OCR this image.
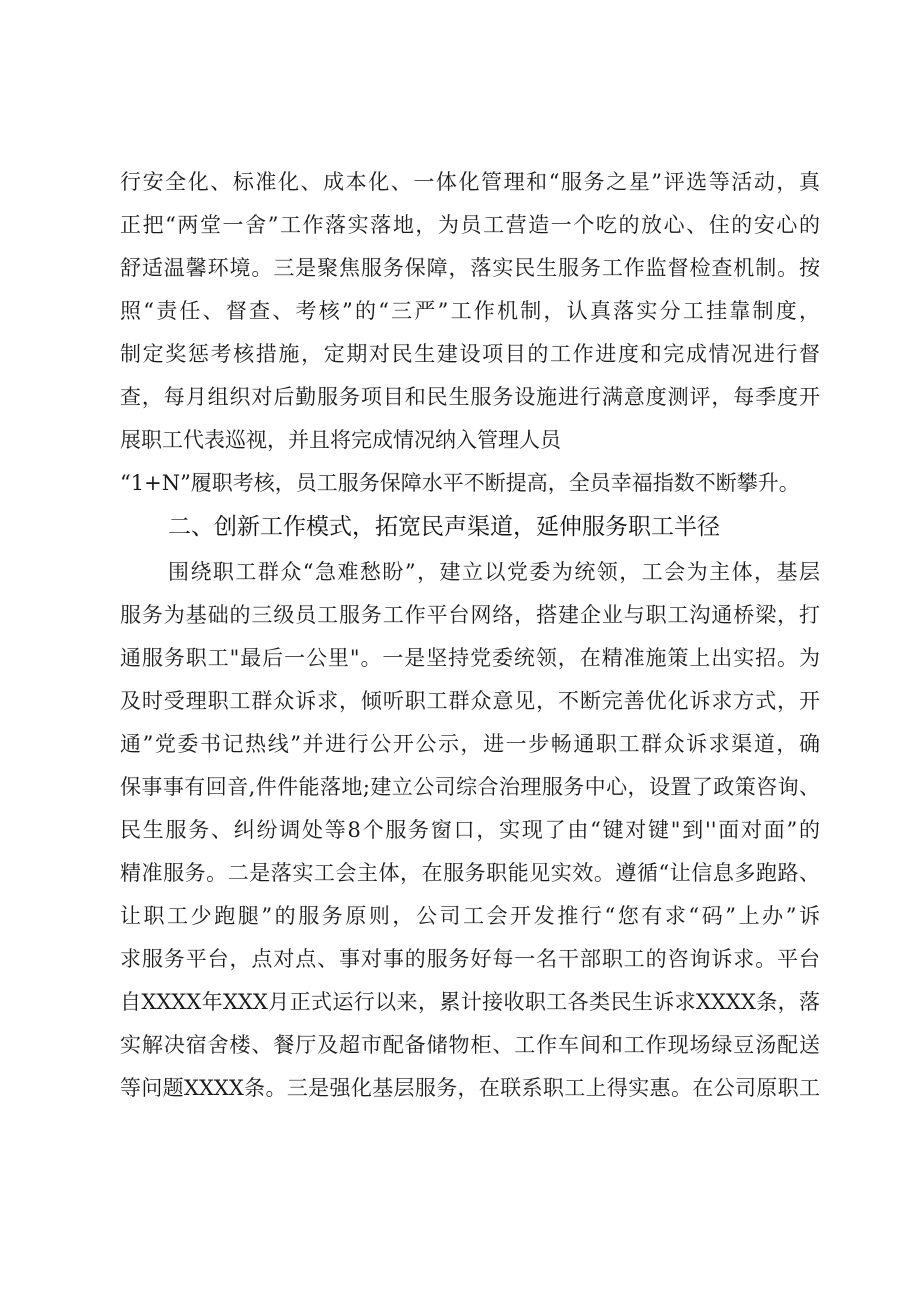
行安全化、标准化、成本化、一体化管理和“服务之星”评选等活动，真
正把“两堂一舍”工作落实落地，为员工营造一个吃的放心、住的安心的
舒适温馨环境。三是聚焦服务保障，落实民生服务工作监督检查机制。按
照“责任、督查、考核”的“三严”工作机制，认真落实分工挂靠制度，
制定奖惩考核措施，定期对民生建设项目的工作进度和完成情况进行督
查，每月组织对后勤服务项目和民生服务设施进行满意度测评，每季度开
展职工代表巡视，并且将完成情况纳入管理人员
“1+N”履职考核，员工服务保障水平不断提高，全员幸福指数不断攀升。
二、创新工作模式，拓宽民声渠道，延伸服务职工半径
围绕职工群众“急难愁盼”，建立以党委为统领，工会为主体，基层
服务为基础的三级员工服务工作平台网络，搭建企业与职工沟通桥梁，打
通服务职工"最后一公里"。一是坚持党委统领，在精准施策上出实招。为
及时受理职工群众诉求，倾听职工群众意见，不断完善优化诉求方式，开
通”党委书记热线”并进行公开公示，进一步畅通职工群众诉求渠道，确
保事事有回音,件件能落地;建立公司综合治理服务中心，设置了政策咨询、
民生服务、纠纷调处等8个服务窗口，实现了由“键对键"到''面对面”的
精准服务。二是落实工会主体，在服务职能见实效。遵循“让信息多跑路、
让职工少跑腿”的服务原则，公司工会开发推行“您有求“码”上办”诉
求服务平台，点对点、事对事的服务好每一名干部职工的咨询诉求。平台
自XXXX年XXX月正式运行以来，累计接收职工各类民生诉求XXXX条，落
实解决宿舍楼、餐厅及超市配备储物柜、工作车间和工作现场绿豆汤配送
等问题XXXX条。三是强化基层服务，在联系职工上得实惠。在公司原职工
